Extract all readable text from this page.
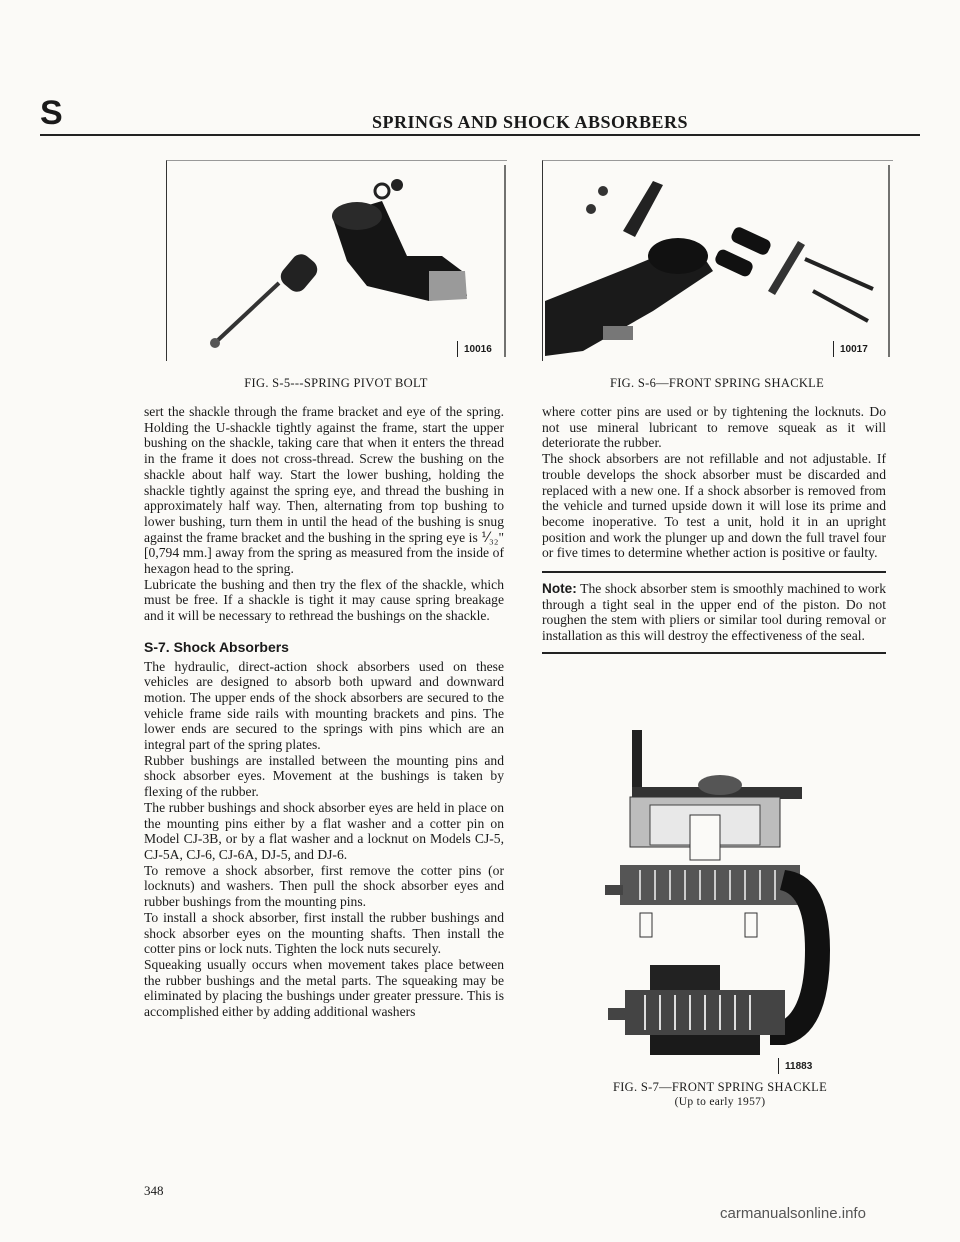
S	SPRINGS AND SHOCK ABSORBERS
10016
FIG. S-5---SPRING PIVOT BOLT
10017
FIG. S-6—FRONT SPRING SHACKLE

sert the shackle through the frame bracket and eye of the spring. Holding the U-shackle tightly against the frame, start the upper bushing on the shackle, taking care that when it enters the thread in the frame it does not cross-thread. Screw the bushing on the shackle about half way. Start the lower bushing, holding the shackle tightly against the spring eye, and thread the bushing in approximately half way. Then, alternating from top bushing to lower bushing, turn them in until the head of the bushing is snug against the frame bracket and the bushing in the spring eye is ⅟₃₂" [0,794 mm.] away from the spring as measured from the inside of hexagon head to the spring.

Lubricate the bushing and then try the flex of the shackle, which must be free. If a shackle is tight it may cause spring breakage and it will be necessary to rethread the bushings on the shackle.

S-7. Shock Absorbers

The hydraulic, direct-action shock absorbers used on these vehicles are designed to absorb both upward and downward motion. The upper ends of the shock absorbers are secured to the vehicle frame side rails with mounting brackets and pins. The lower ends are secured to the springs with pins which are an integral part of the spring plates.

Rubber bushings are installed between the mounting pins and shock absorber eyes. Movement at the bushings is taken by flexing of the rubber.

The rubber bushings and shock absorber eyes are held in place on the mounting pins either by a flat washer and a cotter pin on Model CJ-3B, or by a flat washer and a locknut on Models CJ-5, CJ-5A, CJ-6, CJ-6A, DJ-5, and DJ-6.

To remove a shock absorber, first remove the cotter pins (or locknuts) and washers. Then pull the shock absorber eyes and rubber bushings from the mounting pins.

To install a shock absorber, first install the rubber bushings and shock absorber eyes on the mounting shafts. Then install the cotter pins or lock nuts. Tighten the lock nuts securely.

Squeaking usually occurs when movement takes place between the rubber bushings and the metal parts. The squeaking may be eliminated by placing the bushings under greater pressure. This is accomplished either by adding additional washers

where cotter pins are used or by tightening the locknuts. Do not use mineral lubricant to remove squeak as it will deteriorate the rubber.

The shock absorbers are not refillable and not adjustable. If trouble develops the shock absorber must be discarded and replaced with a new one. If a shock absorber is removed from the vehicle and turned upside down it will lose its prime and become inoperative. To test a unit, hold it in an upright position and work the plunger up and down the full travel four or five times to determine whether action is positive or faulty.

Note: The shock absorber stem is smoothly machined to work through a tight seal in the upper end of the piston. Do not roughen the stem with pliers or similar tool during removal or installation as this will destroy the effectiveness of the seal.

11883
FIG. S-7—FRONT SPRING SHACKLE
(Up to early 1957)
348
carmanualsonline.info
